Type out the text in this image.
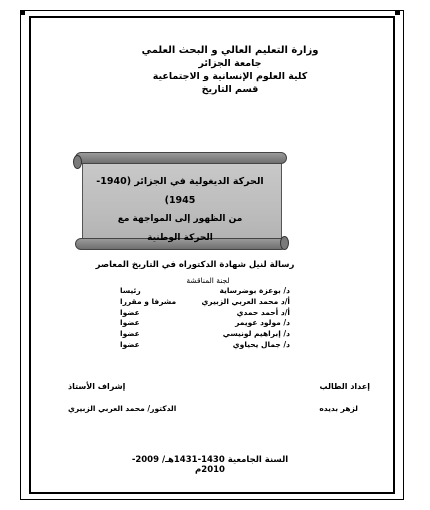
وزارة التعليم العالي و البحث العلمي
جامعة الجزائر
كلية العلوم الإنسانية و الاجتماعية
قسم التاريخ
الحركة الديغولية في الجزائر (1940-1945)
من الظهور إلى المواجهة مع
الحركة الوطنية
رسالة لنيل شهادة الدكتوراه في التاريخ المعاصر
لجنة المناقشة
د/ بوعزة بوضرساية
رئيسا
أ/د محمد العربي الزبيري
مشرفا و مقررا
أ/د أحمد حمدي
عضوا
د/ مولود عويمر
عضوا
د/ إبراهيم لونيسي
عضوا
د/ جمال يحياوي
عضوا
إشراف الأستاذ
الدكتور/ محمد العربي الزبيري
إعداد الطالب
لزهر بديده
السنة الجامعية 1430-1431هـ/ 2009-2010م
